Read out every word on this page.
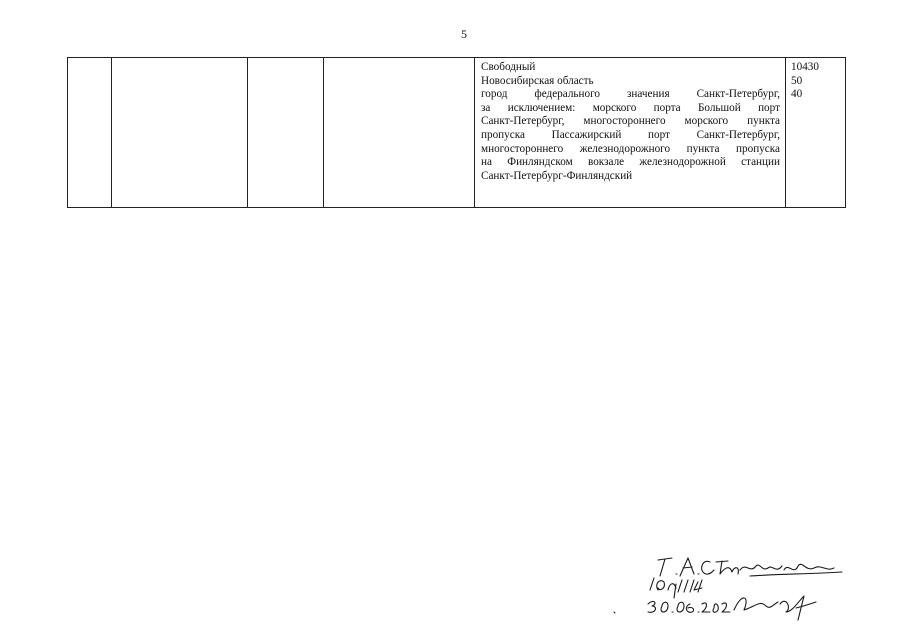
5
Свободный
Новосибирская область
город федерального значения Санкт-Петербург,
за исключением: морского порта Большой порт
Санкт-Петербург, многостороннего морского пункта
пропуска Пассажирский порт Санкт-Петербург,
многостороннего железнодорожного пункта пропуска
на Финляндском вокзале железнодорожной станции
Санкт-Петербург-Финляндский
10430
50
40
